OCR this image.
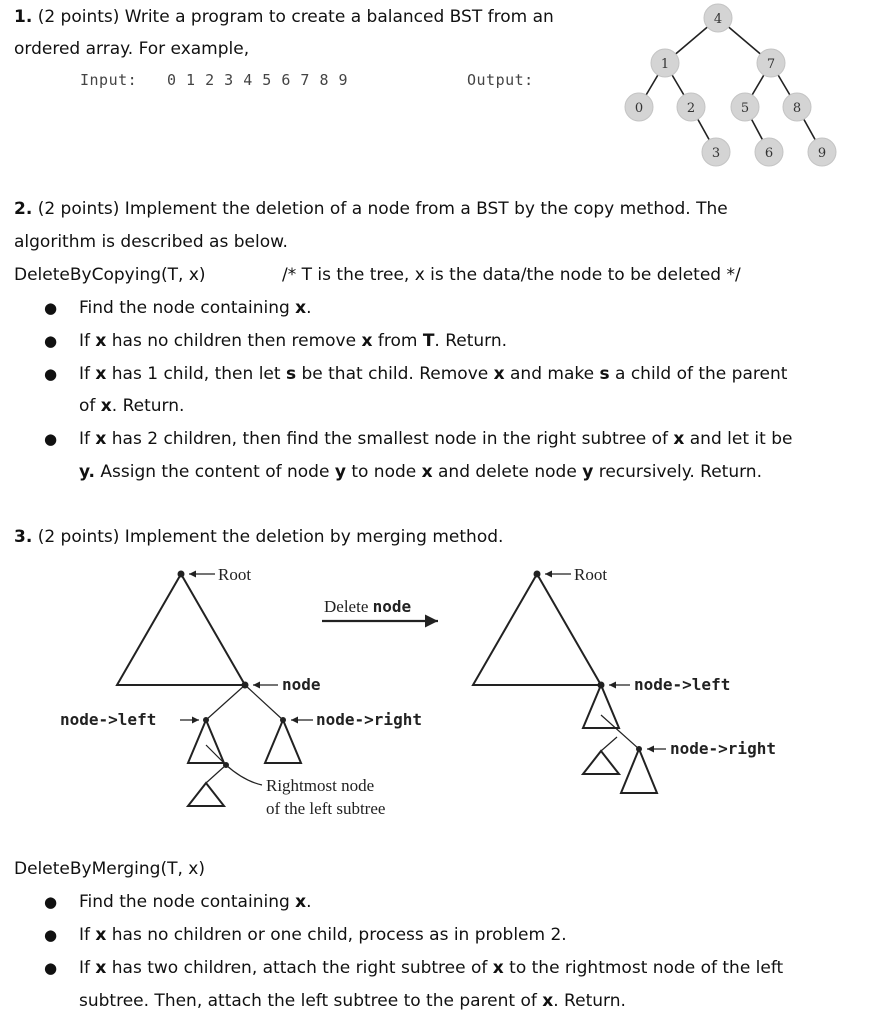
1. (2 points) Write a program to create a balanced BST from an
ordered array. For example,
Input: 0 1 2 3 4 5 6 7 8 9	Output:
4
1	7
0	2	5	8
3	6	9
2. (2 points) Implement the deletion of a node from a BST by the copy method. The
algorithm is described as below.
DeleteByCopying(T, x)	/* T is the tree, x is the data/the node to be deleted */
● Find the node containing x.
● If x has no children then remove x from T. Return.
● If x has 1 child, then let s be that child. Remove x and make s a child of the parent
of x. Return.
● If x has 2 children, then find the smallest node in the right subtree of x and let it be
y. Assign the content of node y to node x and delete node y recursively. Return.
3. (2 points) Implement the deletion by merging method.
Root
node
node->left	node->right
Rightmost node
of the left subtree
Delete node
Root
node->left
node->right
DeleteByMerging(T, x)
● Find the node containing x.
● If x has no children or one child, process as in problem 2.
● If x has two children, attach the right subtree of x to the rightmost node of the left
subtree. Then, attach the left subtree to the parent of x. Return.
